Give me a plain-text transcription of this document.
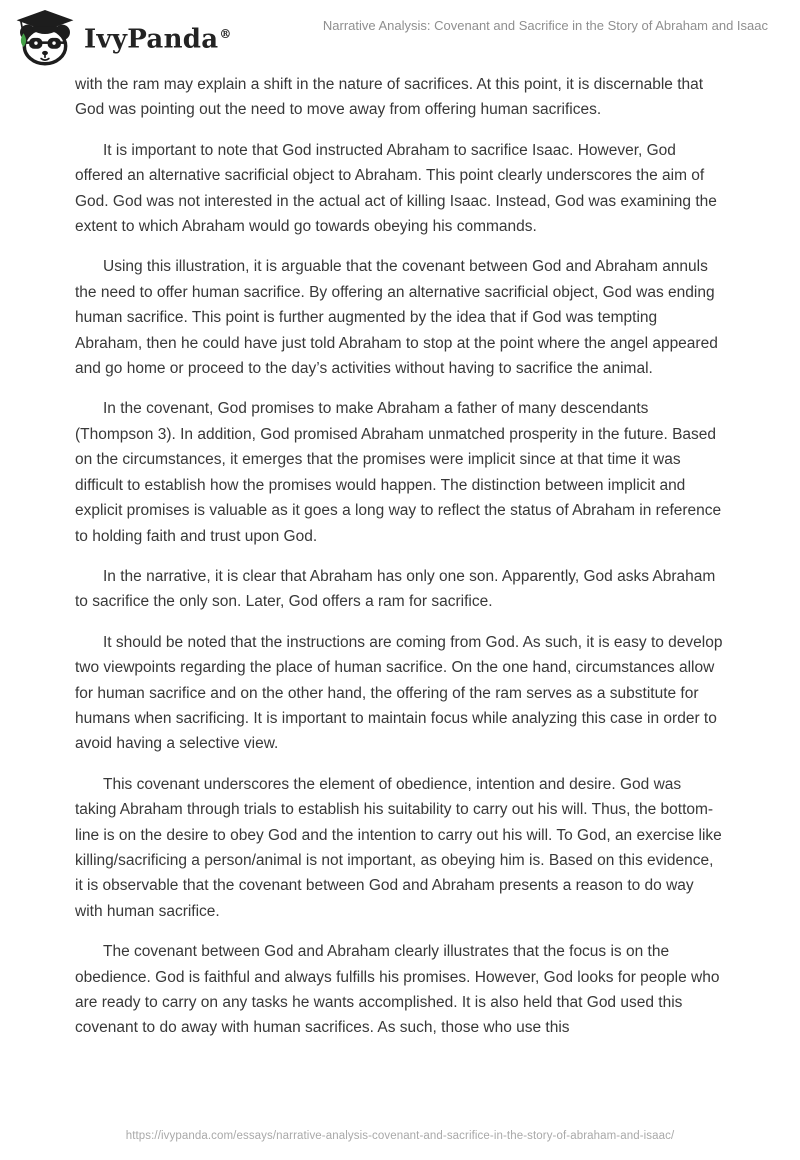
IvyPanda®
Narrative Analysis: Covenant and Sacrifice in the Story of Abraham and Isaac

with the ram may explain a shift in the nature of sacrifices. At this point, it is discernable that God was pointing out the need to move away from offering human sacrifices.

It is important to note that God instructed Abraham to sacrifice Isaac. However, God offered an alternative sacrificial object to Abraham. This point clearly underscores the aim of God. God was not interested in the actual act of killing Isaac. Instead, God was examining the extent to which Abraham would go towards obeying his commands.

Using this illustration, it is arguable that the covenant between God and Abraham annuls the need to offer human sacrifice. By offering an alternative sacrificial object, God was ending human sacrifice. This point is further augmented by the idea that if God was tempting Abraham, then he could have just told Abraham to stop at the point where the angel appeared and go home or proceed to the day’s activities without having to sacrifice the animal.

In the covenant, God promises to make Abraham a father of many descendants (Thompson 3). In addition, God promised Abraham unmatched prosperity in the future. Based on the circumstances, it emerges that the promises were implicit since at that time it was difficult to establish how the promises would happen. The distinction between implicit and explicit promises is valuable as it goes a long way to reflect the status of Abraham in reference to holding faith and trust upon God.

In the narrative, it is clear that Abraham has only one son. Apparently, God asks Abraham to sacrifice the only son. Later, God offers a ram for sacrifice.

It should be noted that the instructions are coming from God. As such, it is easy to develop two viewpoints regarding the place of human sacrifice. On the one hand, circumstances allow for human sacrifice and on the other hand, the offering of the ram serves as a substitute for humans when sacrificing. It is important to maintain focus while analyzing this case in order to avoid having a selective view.

This covenant underscores the element of obedience, intention and desire. God was taking Abraham through trials to establish his suitability to carry out his will. Thus, the bottom-line is on the desire to obey God and the intention to carry out his will. To God, an exercise like killing/sacrificing a person/animal is not important, as obeying him is. Based on this evidence, it is observable that the covenant between God and Abraham presents a reason to do way with human sacrifice.

The covenant between God and Abraham clearly illustrates that the focus is on the obedience. God is faithful and always fulfills his promises. However, God looks for people who are ready to carry on any tasks he wants accomplished. It is also held that God used this covenant to do away with human sacrifices. As such, those who use this

https://ivypanda.com/essays/narrative-analysis-covenant-and-sacrifice-in-the-story-of-abraham-and-isaac/
